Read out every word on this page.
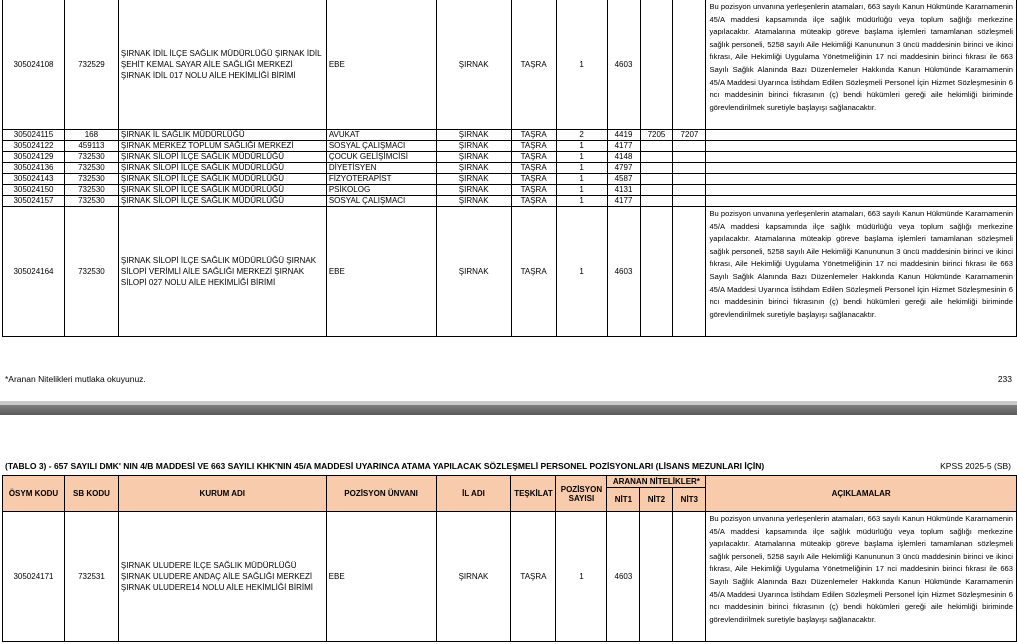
305024108	732529	ŞIRNAK İDİL İLÇE SAĞLIK MÜDÜRLÜĞÜ ŞIRNAK İDİL ŞEHİT KEMAL SAYAR AİLE SAĞLIĞI MERKEZİ ŞIRNAK İDİL 017 NOLU AİLE HEKİMLİĞİ BİRİMİ	EBE	ŞIRNAK	TAŞRA	1	4603			Bu pozisyon unvanına yerleşenlerin atamaları, 663 sayılı Kanun Hükmünde Kararnamenin 45/A maddesi kapsamında ilçe sağlık müdürlüğü veya toplum sağlığı merkezine yapılacaktır. Atamalarına müteakip göreve başlama işlemleri tamamlanan sözleşmeli sağlık personeli, 5258 sayılı Aile Hekimliği Kanununun 3 üncü maddesinin birinci ve ikinci fıkrası, Aile Hekimliği Uygulama Yönetmeliğinin 17 nci maddesinin birinci fıkrası ile 663 Sayılı Sağlık Alanında Bazı Düzenlemeler Hakkında Kanun Hükmünde Kararnamenin 45/A Maddesi Uyarınca İstihdam Edilen Sözleşmeli Personel İçin Hizmet Sözleşmesinin 6 ncı maddesinin birinci fıkrasının (ç) bendi hükümleri gereği aile hekimliği biriminde görevlendirilmek suretiyle başlayışı sağlanacaktır.
305024115	168	ŞIRNAK İL SAĞLIK MÜDÜRLÜĞÜ	AVUKAT	ŞIRNAK	TAŞRA	2	4419	7205	7207	
305024122	459113	ŞIRNAK MERKEZ TOPLUM SAĞLIĞI MERKEZİ	SOSYAL ÇALIŞMACI	ŞIRNAK	TAŞRA	1	4177			
305024129	732530	ŞIRNAK SİLOPİ İLÇE SAĞLIK MÜDÜRLÜĞÜ	ÇOCUK GELİŞİMCİSİ	ŞIRNAK	TAŞRA	1	4148			
305024136	732530	ŞIRNAK SİLOPİ İLÇE SAĞLIK MÜDÜRLÜĞÜ	DİYETİSYEN	ŞIRNAK	TAŞRA	1	4797			
305024143	732530	ŞIRNAK SİLOPİ İLÇE SAĞLIK MÜDÜRLÜĞÜ	FİZYOTERAPİST	ŞIRNAK	TAŞRA	1	4587			
305024150	732530	ŞIRNAK SİLOPİ İLÇE SAĞLIK MÜDÜRLÜĞÜ	PSİKOLOG	ŞIRNAK	TAŞRA	1	4131			
305024157	732530	ŞIRNAK SİLOPİ İLÇE SAĞLIK MÜDÜRLÜĞÜ	SOSYAL ÇALIŞMACI	ŞIRNAK	TAŞRA	1	4177			
305024164	732530	ŞIRNAK SİLOPİ İLÇE SAĞLIK MÜDÜRLÜĞÜ ŞIRNAK SİLOPİ VERİMLİ AİLE SAĞLIĞI MERKEZİ ŞIRNAK SİLOPİ 027 NOLU AİLE HEKİMLİĞİ BİRİMİ	EBE	ŞIRNAK	TAŞRA	1	4603			Bu pozisyon unvanına yerleşenlerin atamaları, 663 sayılı Kanun Hükmünde Kararnamenin 45/A maddesi kapsamında ilçe sağlık müdürlüğü veya toplum sağlığı merkezine yapılacaktır. Atamalarına müteakip göreve başlama işlemleri tamamlanan sözleşmeli sağlık personeli, 5258 sayılı Aile Hekimliği Kanununun 3 üncü maddesinin birinci ve ikinci fıkrası, Aile Hekimliği Uygulama Yönetmeliğinin 17 nci maddesinin birinci fıkrası ile 663 Sayılı Sağlık Alanında Bazı Düzenlemeler Hakkında Kanun Hükmünde Kararnamenin 45/A Maddesi Uyarınca İstihdam Edilen Sözleşmeli Personel İçin Hizmet Sözleşmesinin 6 ncı maddesinin birinci fıkrasının (ç) bendi hükümleri gereği aile hekimliği biriminde görevlendirilmek suretiyle başlayışı sağlanacaktır.
*Aranan Nitelikleri mutlaka okuyunuz.	233
(TABLO 3) - 657 SAYILI DMK' NIN 4/B MADDESİ VE 663 SAYILI KHK'NIN 45/A MADDESİ UYARINCA ATAMA YAPILACAK SÖZLEŞMELİ PERSONEL POZİSYONLARI (LİSANS MEZUNLARI İÇİN)	KPSS 2025-5 (SB)
ÖSYM KODU	SB KODU	KURUM ADI	POZİSYON ÜNVANI	İL ADI	TEŞKİLAT	POZİSYON SAYISI	ARANAN NİTELİKLER*			AÇIKLAMALAR
							NİT1	NİT2	NİT3	
305024171	732531	ŞIRNAK ULUDERE İLÇE SAĞLIK MÜDÜRLÜĞÜ ŞIRNAK ULUDERE ANDAÇ AİLE SAĞLIĞI MERKEZİ ŞIRNAK ULUDERE14 NOLU AİLE HEKİMLİĞİ BİRİMİ	EBE	ŞIRNAK	TAŞRA	1	4603			Bu pozisyon unvanına yerleşenlerin atamaları, 663 sayılı Kanun Hükmünde Kararnamenin 45/A maddesi kapsamında ilçe sağlık müdürlüğü veya toplum sağlığı merkezine yapılacaktır. Atamalarına müteakip göreve başlama işlemleri tamamlanan sözleşmeli sağlık personeli, 5258 sayılı Aile Hekimliği Kanununun 3 üncü maddesinin birinci ve ikinci fıkrası, Aile Hekimliği Uygulama Yönetmeliğinin 17 nci maddesinin birinci fıkrası ile 663 Sayılı Sağlık Alanında Bazı Düzenlemeler Hakkında Kanun Hükmünde Kararnamenin 45/A Maddesi Uyarınca İstihdam Edilen Sözleşmeli Personel İçin Hizmet Sözleşmesinin 6 ncı maddesinin birinci fıkrasının (ç) bendi hükümleri gereği aile hekimliği biriminde görevlendirilmek suretiyle başlayışı sağlanacaktır.
